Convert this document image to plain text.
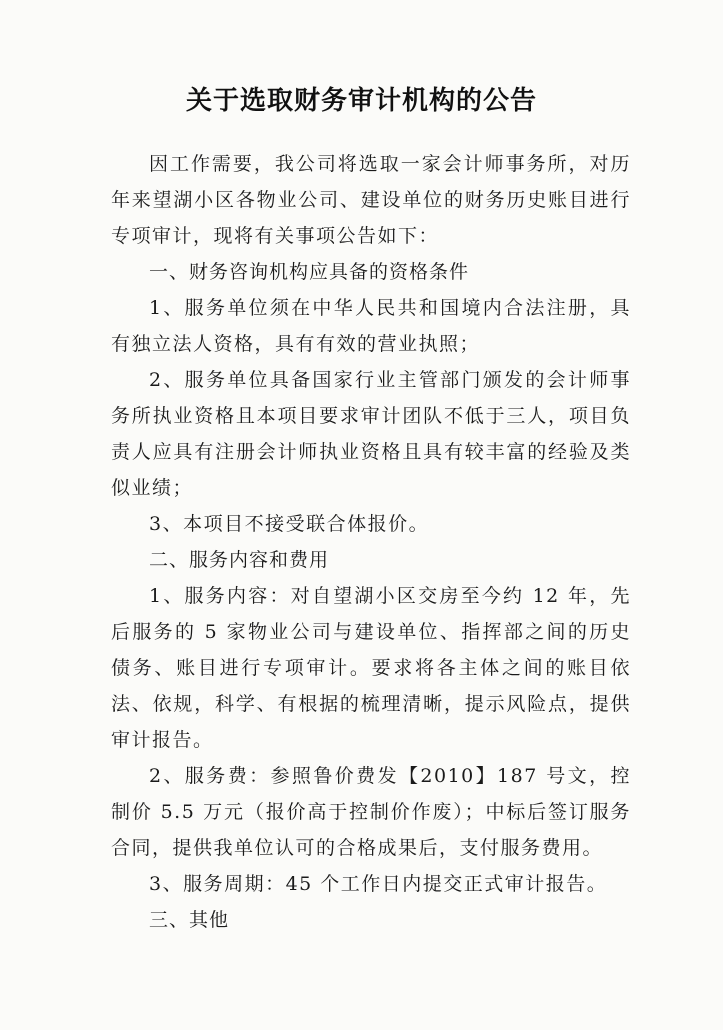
关于选取财务审计机构的公告

因工作需要，我公司将选取一家会计师事务所，对历年来望湖小区各物业公司、建设单位的财务历史账目进行专项审计，现将有关事项公告如下：

一、财务咨询机构应具备的资格条件

1、服务单位须在中华人民共和国境内合法注册，具有独立法人资格，具有有效的营业执照；

2、服务单位具备国家行业主管部门颁发的会计师事务所执业资格且本项目要求审计团队不低于三人，项目负责人应具有注册会计师执业资格且具有较丰富的经验及类似业绩；

3、本项目不接受联合体报价。

二、服务内容和费用

1、服务内容：对自望湖小区交房至今约 12 年，先后服务的 5 家物业公司与建设单位、指挥部之间的历史债务、账目进行专项审计。要求将各主体之间的账目依法、依规，科学、有根据的梳理清晰，提示风险点，提供审计报告。

2、服务费：参照鲁价费发【2010】187 号文，控制价 5.5 万元（报价高于控制价作废）；中标后签订服务合同，提供我单位认可的合格成果后，支付服务费用。

3、服务周期：45 个工作日内提交正式审计报告。

三、其他
